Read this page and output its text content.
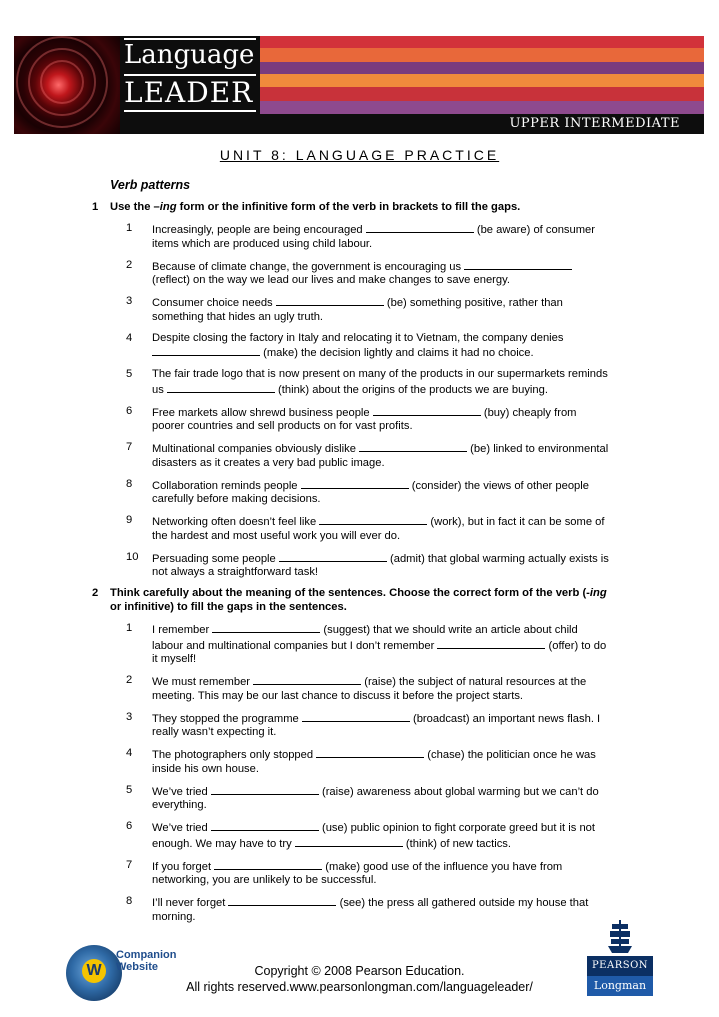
Language
LEADER
UPPER INTERMEDIATE
UNIT 8: LANGUAGE PRACTICE
Verb patterns
1 Use the –ing form or the infinitive form of the verb in brackets to fill the gaps.
1 Increasingly, people are being encouraged	(be aware) of consumer items which are produced using child labour.
2 Because of climate change, the government is encouraging us  (reflect) on the way we lead our lives and make changes to save energy.
3 Consumer choice needs	(be) something positive, rather than something that hides an ugly truth.
4 Despite closing the factory in Italy and relocating it to Vietnam, the company denies  (make) the decision lightly and claims it had no choice.
5 The fair trade logo that is now present on many of the products in our supermarkets reminds us	(think) about the origins of the products we are buying.
6 Free markets allow shrewd business people	(buy) cheaply from poorer countries and sell products on for vast profits.
7 Multinational companies obviously dislike	(be) linked to environmental disasters as it creates a very bad public image.
8 Collaboration reminds people	(consider) the views of other people carefully before making decisions.
9 Networking often doesn’t feel like	(work), but in fact it can be some of the hardest and most useful work you will ever do.
10 Persuading some people	(admit) that global warming actually exists is not always a straightforward task!
2 Think carefully about the meaning of the sentences. Choose the correct form of the verb (-ing or infinitive) to fill the gaps in the sentences.
1 I remember	(suggest) that we should write an article about child labour and multinational companies but I don’t remember	(offer) to do it myself!
2 We must remember	(raise) the subject of natural resources at the meeting. This may be our last chance to discuss it before the project starts.
3 They stopped the programme	(broadcast) an important news flash. I really wasn’t expecting it.
4 The photographers only stopped	(chase) the politician once he was inside his own house.
5 We’ve tried	(raise) awareness about global warming but we can’t do everything.
6 We’ve tried	(use) public opinion to fight corporate greed but it is not enough. We may have to try	(think) of new tactics.
7 If you forget	(make) good use of the influence you have from networking, you are unlikely to be successful.
8 I’ll never forget	(see) the press all gathered outside my house that morning.
W
Companion
Website	Copyright © 2008 Pearson Education.
All rights reserved.www.pearsonlongman.com/languageleader/
PEARSON
Longman
